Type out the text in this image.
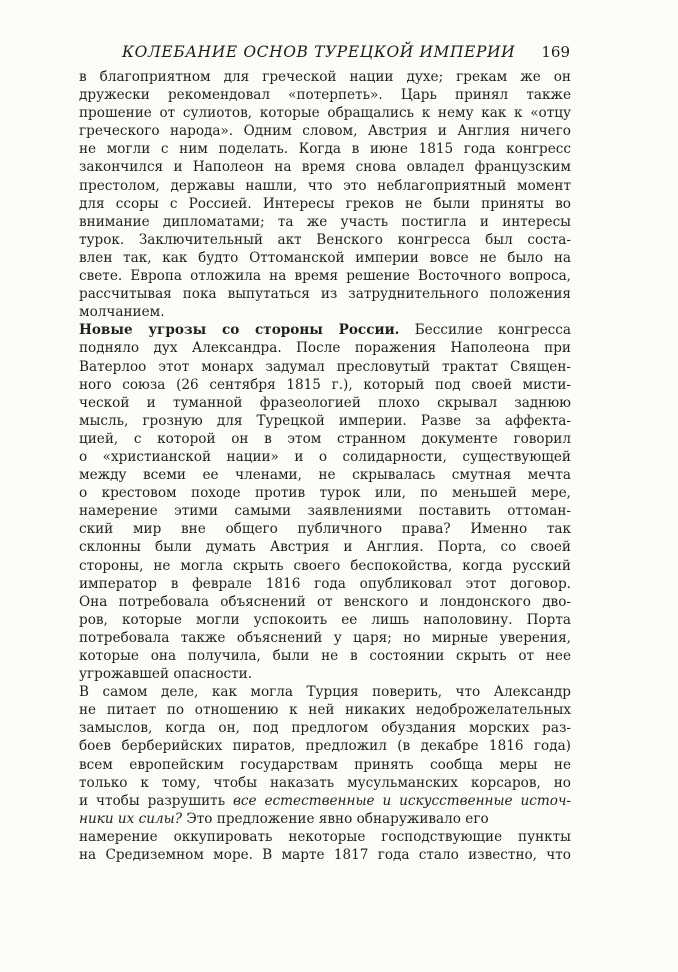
КОЛЕБАНИЕ ОСНОВ ТУРЕЦКОЙ ИМПЕРИИ 169
в благоприятном для греческой нации духе; грекам же он
дружески рекомендовал «потерпеть». Царь принял также
прошение от сулиотов, которые обращались к нему как к «отцу
греческого народа». Одним словом, Австрия и Англия ничего
не могли с ним поделать. Когда в июне 1815 года конгресс
закончился и Наполеон на время снова овладел французским
престолом, державы нашли, что это неблагоприятный момент
для ссоры с Россией. Интересы греков не были приняты во
внимание дипломатами; та же участь постигла и интересы
турок. Заключительный акт Венского конгресса был соста-
влен так, как будто Оттоманской империи вовсе не было на
свете. Европа отложила на время решение Восточного вопроса,
рассчитывая пока выпутаться из затруднительного положения
молчанием.
Новые угрозы со стороны России. Бессилие конгресса
подняло дух Александра. После поражения Наполеона при
Ватерлоо этот монарх задумал пресловутый трактат Священ-
ного союза (26 сентября 1815 г.), который под своей мисти-
ческой и туманной фразеологией плохо скрывал заднюю
мысль, грозную для Турецкой империи. Разве за аффекта-
цией, с которой он в этом странном документе говорил
о «христианской нации» и о солидарности, существующей
между всеми ее членами, не скрывалась смутная мечта
о крестовом походе против турок или, по меньшей мере,
намерение этими самыми заявлениями поставить оттоман-
ский мир вне общего публичного права? Именно так
склонны были думать Австрия и Англия. Порта, со своей
стороны, не могла скрыть своего беспокойства, когда русский
император в феврале 1816 года опубликовал этот договор.
Она потребовала объяснений от венского и лондонского дво-
ров, которые могли успокоить ее лишь наполовину. Порта
потребовала также объяснений у царя; но мирные уверения,
которые она получила, были не в состоянии скрыть от нее
угрожавшей опасности.
В самом деле, как могла Турция поверить, что Александр
не питает по отношению к ней никаких недоброжелательных
замыслов, когда он, под предлогом обуздания морских раз-
боев берберийских пиратов, предложил (в декабре 1816 года)
всем европейским государствам принять сообща меры не
только к тому, чтобы наказать мусульманских корсаров, но
и чтобы разрушить все естественные и искусственные источ-
ники их силы? Это предложение явно обнаруживало его
намерение оккупировать некоторые господствующие пункты
на Средиземном море. В марте 1817 года стало известно, что
